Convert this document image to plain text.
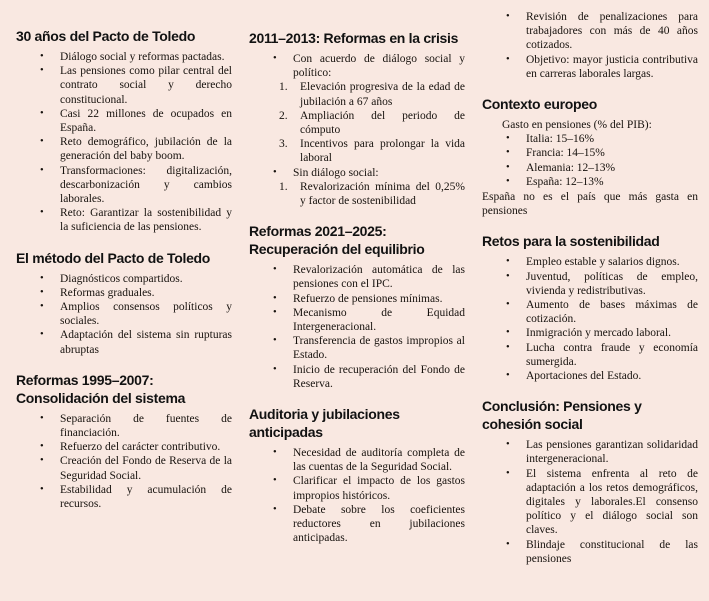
30 años del Pacto de Toledo
•	Diálogo social y reformas pactadas.
•	Las pensiones como pilar central del contrato social y derecho constitucional.
•	Casi 22 millones de ocupados en España.
•	Reto demográfico, jubilación de la generación del baby boom.
•	Transformaciones: digitalización, descarbonización y cambios laborales.
•	Reto: Garantizar la sostenibilidad y la suficiencia de las pensiones.
El método del Pacto de Toledo
•	Diagnósticos compartidos.
•	Reformas graduales.
•	Amplios consensos políticos y sociales.
•	Adaptación del sistema sin rupturas abruptas
Reformas 1995–2007: Consolidación del sistema
•	Separación de fuentes de financiación.
•	Refuerzo del carácter contributivo.
•	Creación del Fondo de Reserva de la Seguridad Social.
•	Estabilidad y acumulación de recursos.
2011–2013: Reformas en la crisis
•	Con acuerdo de diálogo social y político:
1.	Elevación progresiva de la edad de jubilación a 67 años
2.	Ampliación del periodo de cómputo
3.	Incentivos para prolongar la vida laboral
•	Sin diálogo social:
1.	Revalorización mínima del 0,25% y factor de sostenibilidad
Reformas 2021–2025: Recuperación del equilibrio
•	Revalorización automática de las pensiones con el IPC.
•	Refuerzo de pensiones mínimas.
•	Mecanismo de Equidad Intergeneracional.
•	Transferencia de gastos impropios al Estado.
•	Inicio de recuperación del Fondo de Reserva.
Auditoria y jubilaciones anticipadas
•	Necesidad de auditoría completa de las cuentas de la Seguridad Social.
•	Clarificar el impacto de los gastos impropios históricos.
•	Debate sobre los coeficientes reductores en jubilaciones anticipadas.
•	Revisión de penalizaciones para trabajadores con más de 40 años cotizados.
•	Objetivo: mayor justicia contributiva en carreras laborales largas.
Contexto europeo
Gasto en pensiones (% del PIB):
•	Italia: 15–16%
•	Francia: 14–15%
•	Alemania: 12–13%
•	España: 12–13%
España no es el país que más gasta en pensiones
Retos para la sostenibilidad
•	Empleo estable y salarios dignos.
•	Juventud, políticas de empleo, vivienda y redistributivas.
•	Aumento de bases máximas de cotización.
•	Inmigración y mercado laboral.
•	Lucha contra fraude y economía sumergida.
•	Aportaciones del Estado.
Conclusión: Pensiones y cohesión social
•	Las pensiones garantizan solidaridad intergeneracional.
•	El sistema enfrenta al reto de adaptación a los retos demográficos, digitales y laborales.El consenso político y el diálogo social son claves.
•	Blindaje constitucional de las pensiones
